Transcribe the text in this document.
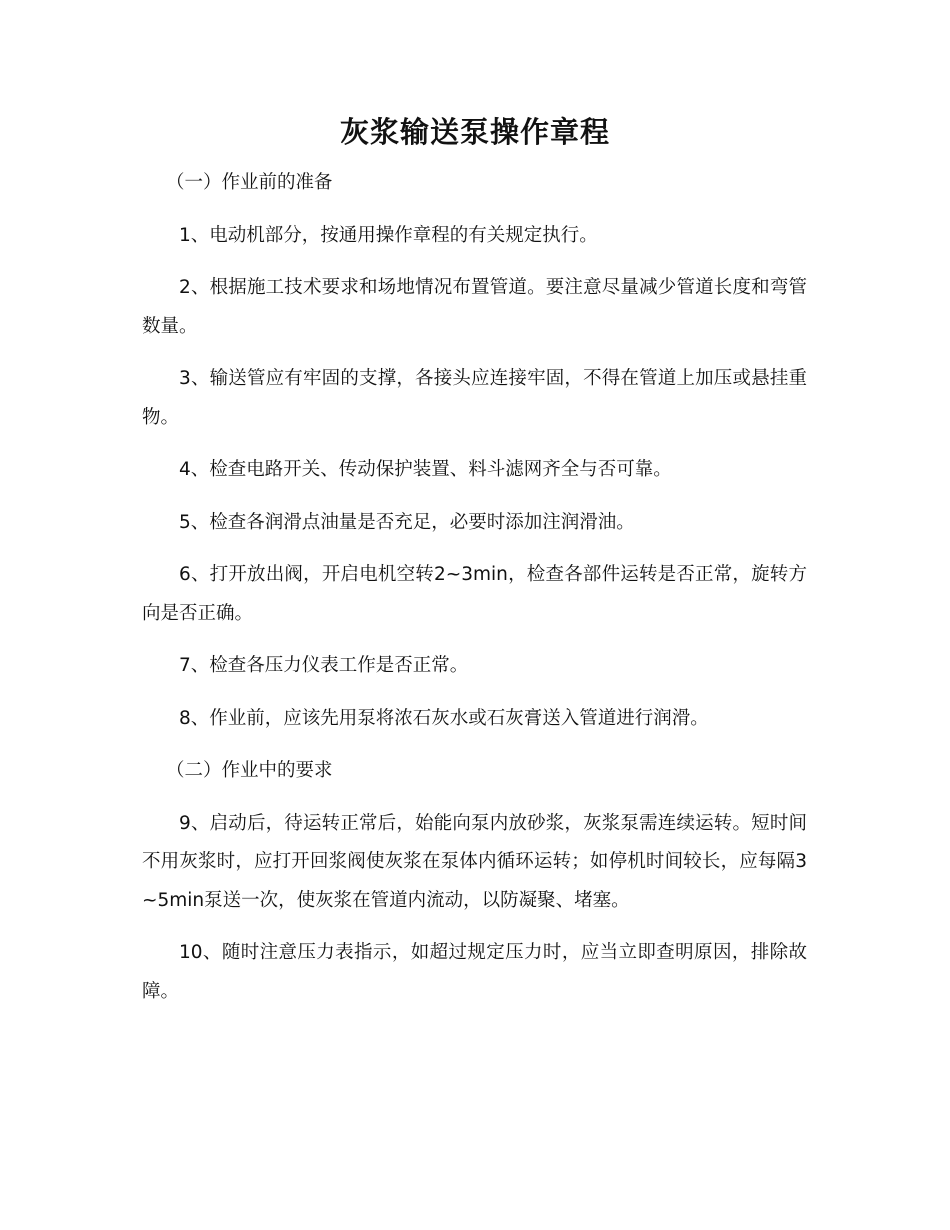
灰浆输送泵操作章程

（一）作业前的准备

1、电动机部分，按通用操作章程的有关规定执行。

2、根据施工技术要求和场地情况布置管道。要注意尽量减少管道长度和弯管数量。

3、输送管应有牢固的支撑，各接头应连接牢固，不得在管道上加压或悬挂重物。

4、检查电路开关、传动保护装置、料斗滤网齐全与否可靠。

5、检查各润滑点油量是否充足，必要时添加注润滑油。

6、打开放出阀，开启电机空转2~3min，检查各部件运转是否正常，旋转方向是否正确。

7、检查各压力仪表工作是否正常。

8、作业前，应该先用泵将浓石灰水或石灰膏送入管道进行润滑。

（二）作业中的要求

9、启动后，待运转正常后，始能向泵内放砂浆，灰浆泵需连续运转。短时间不用灰浆时，应打开回浆阀使灰浆在泵体内循环运转；如停机时间较长，应每隔3~5min泵送一次，使灰浆在管道内流动，以防凝聚、堵塞。

10、随时注意压力表指示，如超过规定压力时，应当立即查明原因，排除故障。
